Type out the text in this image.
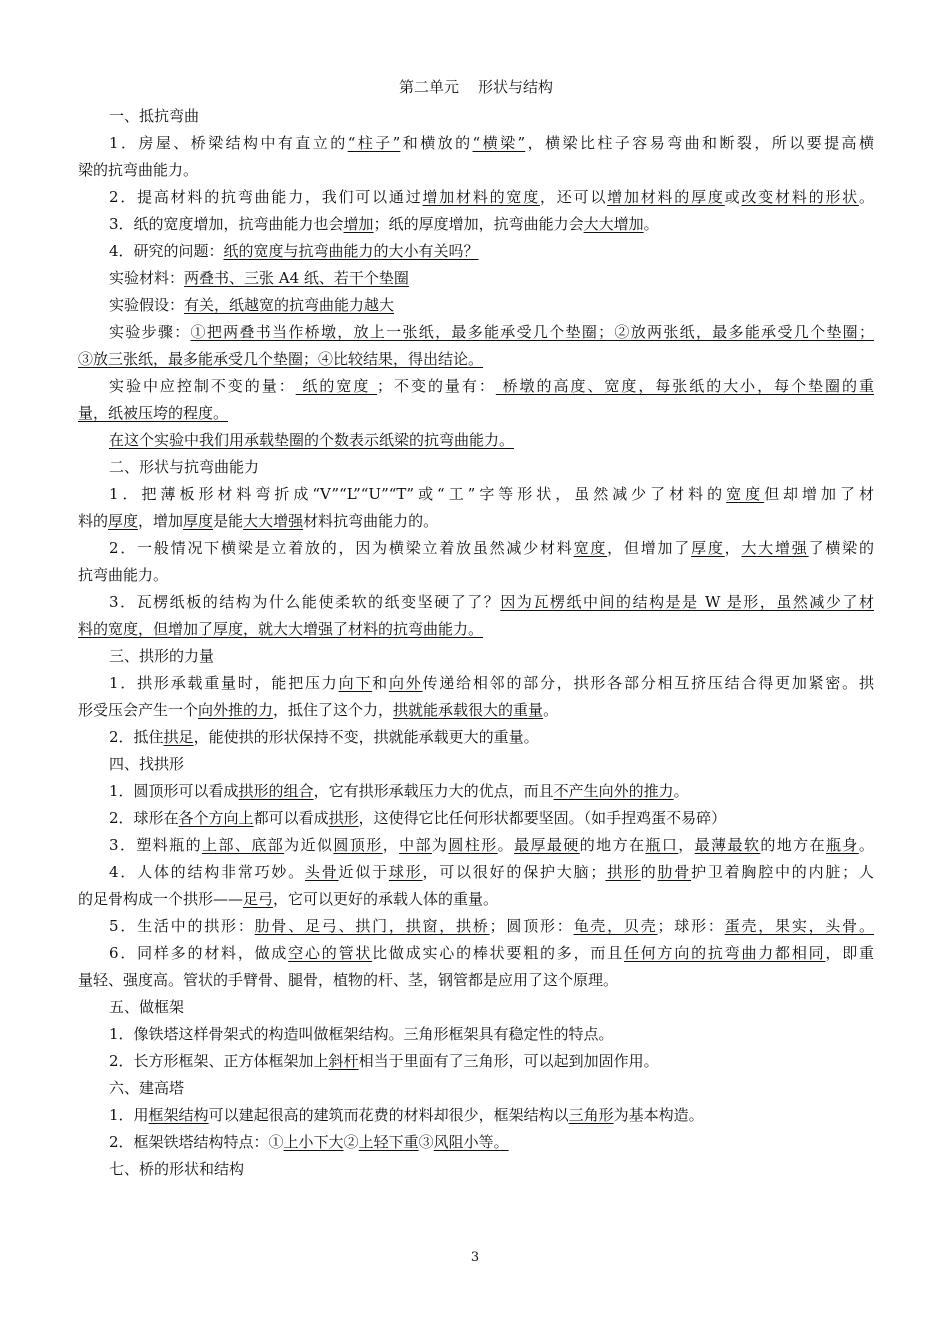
第二单元    形状与结构
一、抵抗弯曲
1．房屋、桥梁结构中有直立的“柱子”和横放的“横梁”，横梁比柱子容易弯曲和断裂，所以要提高横
梁的抗弯曲能力。
2．提高材料的抗弯曲能力，我们可以通过增加材料的宽度，还可以增加材料的厚度或改变材料的形状。
3．纸的宽度增加，抗弯曲能力也会增加；纸的厚度增加，抗弯曲能力会大大增加。
4．研究的问题：纸的宽度与抗弯曲能力的大小有关吗？
实验材料：两叠书、三张 A4 纸、若干个垫圈
实验假设：有关，纸越宽的抗弯曲能力越大
实验步骤：①把两叠书当作桥墩，放上一张纸，最多能承受几个垫圈；②放两张纸，最多能承受几个垫圈；
③放三张纸，最多能承受几个垫圈；④比较结果，得出结论。
实验中应控制不变的量： 纸的宽度 ；不变的量有： 桥墩的高度、宽度，每张纸的大小，每个垫圈的重
量，纸被压垮的程度。
在这个实验中我们用承载垫圈的个数表示纸梁的抗弯曲能力。
二、形状与抗弯曲能力
1．把薄板形材料弯折成“V”“L”“U”“T”或“工”字等形状，虽然减少了材料的宽度但却增加了材
料的厚度，增加厚度是能大大增强材料抗弯曲能力的。
2．一般情况下横梁是立着放的，因为横梁立着放虽然减少材料宽度，但增加了厚度，大大增强了横梁的
抗弯曲能力。
3．瓦楞纸板的结构为什么能使柔软的纸变坚硬了了？因为瓦楞纸中间的结构是是 W 是形，虽然减少了材
料的宽度，但增加了厚度，就大大增强了材料的抗弯曲能力。
三、拱形的力量
1．拱形承载重量时，能把压力向下和向外传递给相邻的部分，拱形各部分相互挤压结合得更加紧密。拱
形受压会产生一个向外推的力，抵住了这个力，拱就能承载很大的重量。
2．抵住拱足，能使拱的形状保持不变，拱就能承载更大的重量。
四、找拱形
1．圆顶形可以看成拱形的组合，它有拱形承载压力大的优点，而且不产生向外的推力。
2．球形在各个方向上都可以看成拱形，这使得它比任何形状都要坚固。（如手捏鸡蛋不易碎）
3．塑料瓶的上部、底部为近似圆顶形，中部为圆柱形。最厚最硬的地方在瓶口，最薄最软的地方在瓶身。
4．人体的结构非常巧妙。头骨近似于球形，可以很好的保护大脑；拱形的肋骨护卫着胸腔中的内脏；人
的足骨构成一个拱形——足弓，它可以更好的承载人体的重量。
5．生活中的拱形：肋骨、足弓、拱门，拱窗，拱桥；圆顶形：龟壳，贝壳；球形：蛋壳，果实，头骨。
6．同样多的材料，做成空心的管状比做成实心的棒状要粗的多，而且任何方向的抗弯曲力都相同，即重
量轻、强度高。管状的手臂骨、腿骨，植物的杆、茎，钢管都是应用了这个原理。
五、做框架
1．像铁塔这样骨架式的构造叫做框架结构。三角形框架具有稳定性的特点。
2．长方形框架、正方体框架加上斜杆相当于里面有了三角形，可以起到加固作用。
六、建高塔
1．用框架结构可以建起很高的建筑而花费的材料却很少，框架结构以三角形为基本构造。
2．框架铁塔结构特点：①上小下大②上轻下重③风阻小等。
七、桥的形状和结构
3
